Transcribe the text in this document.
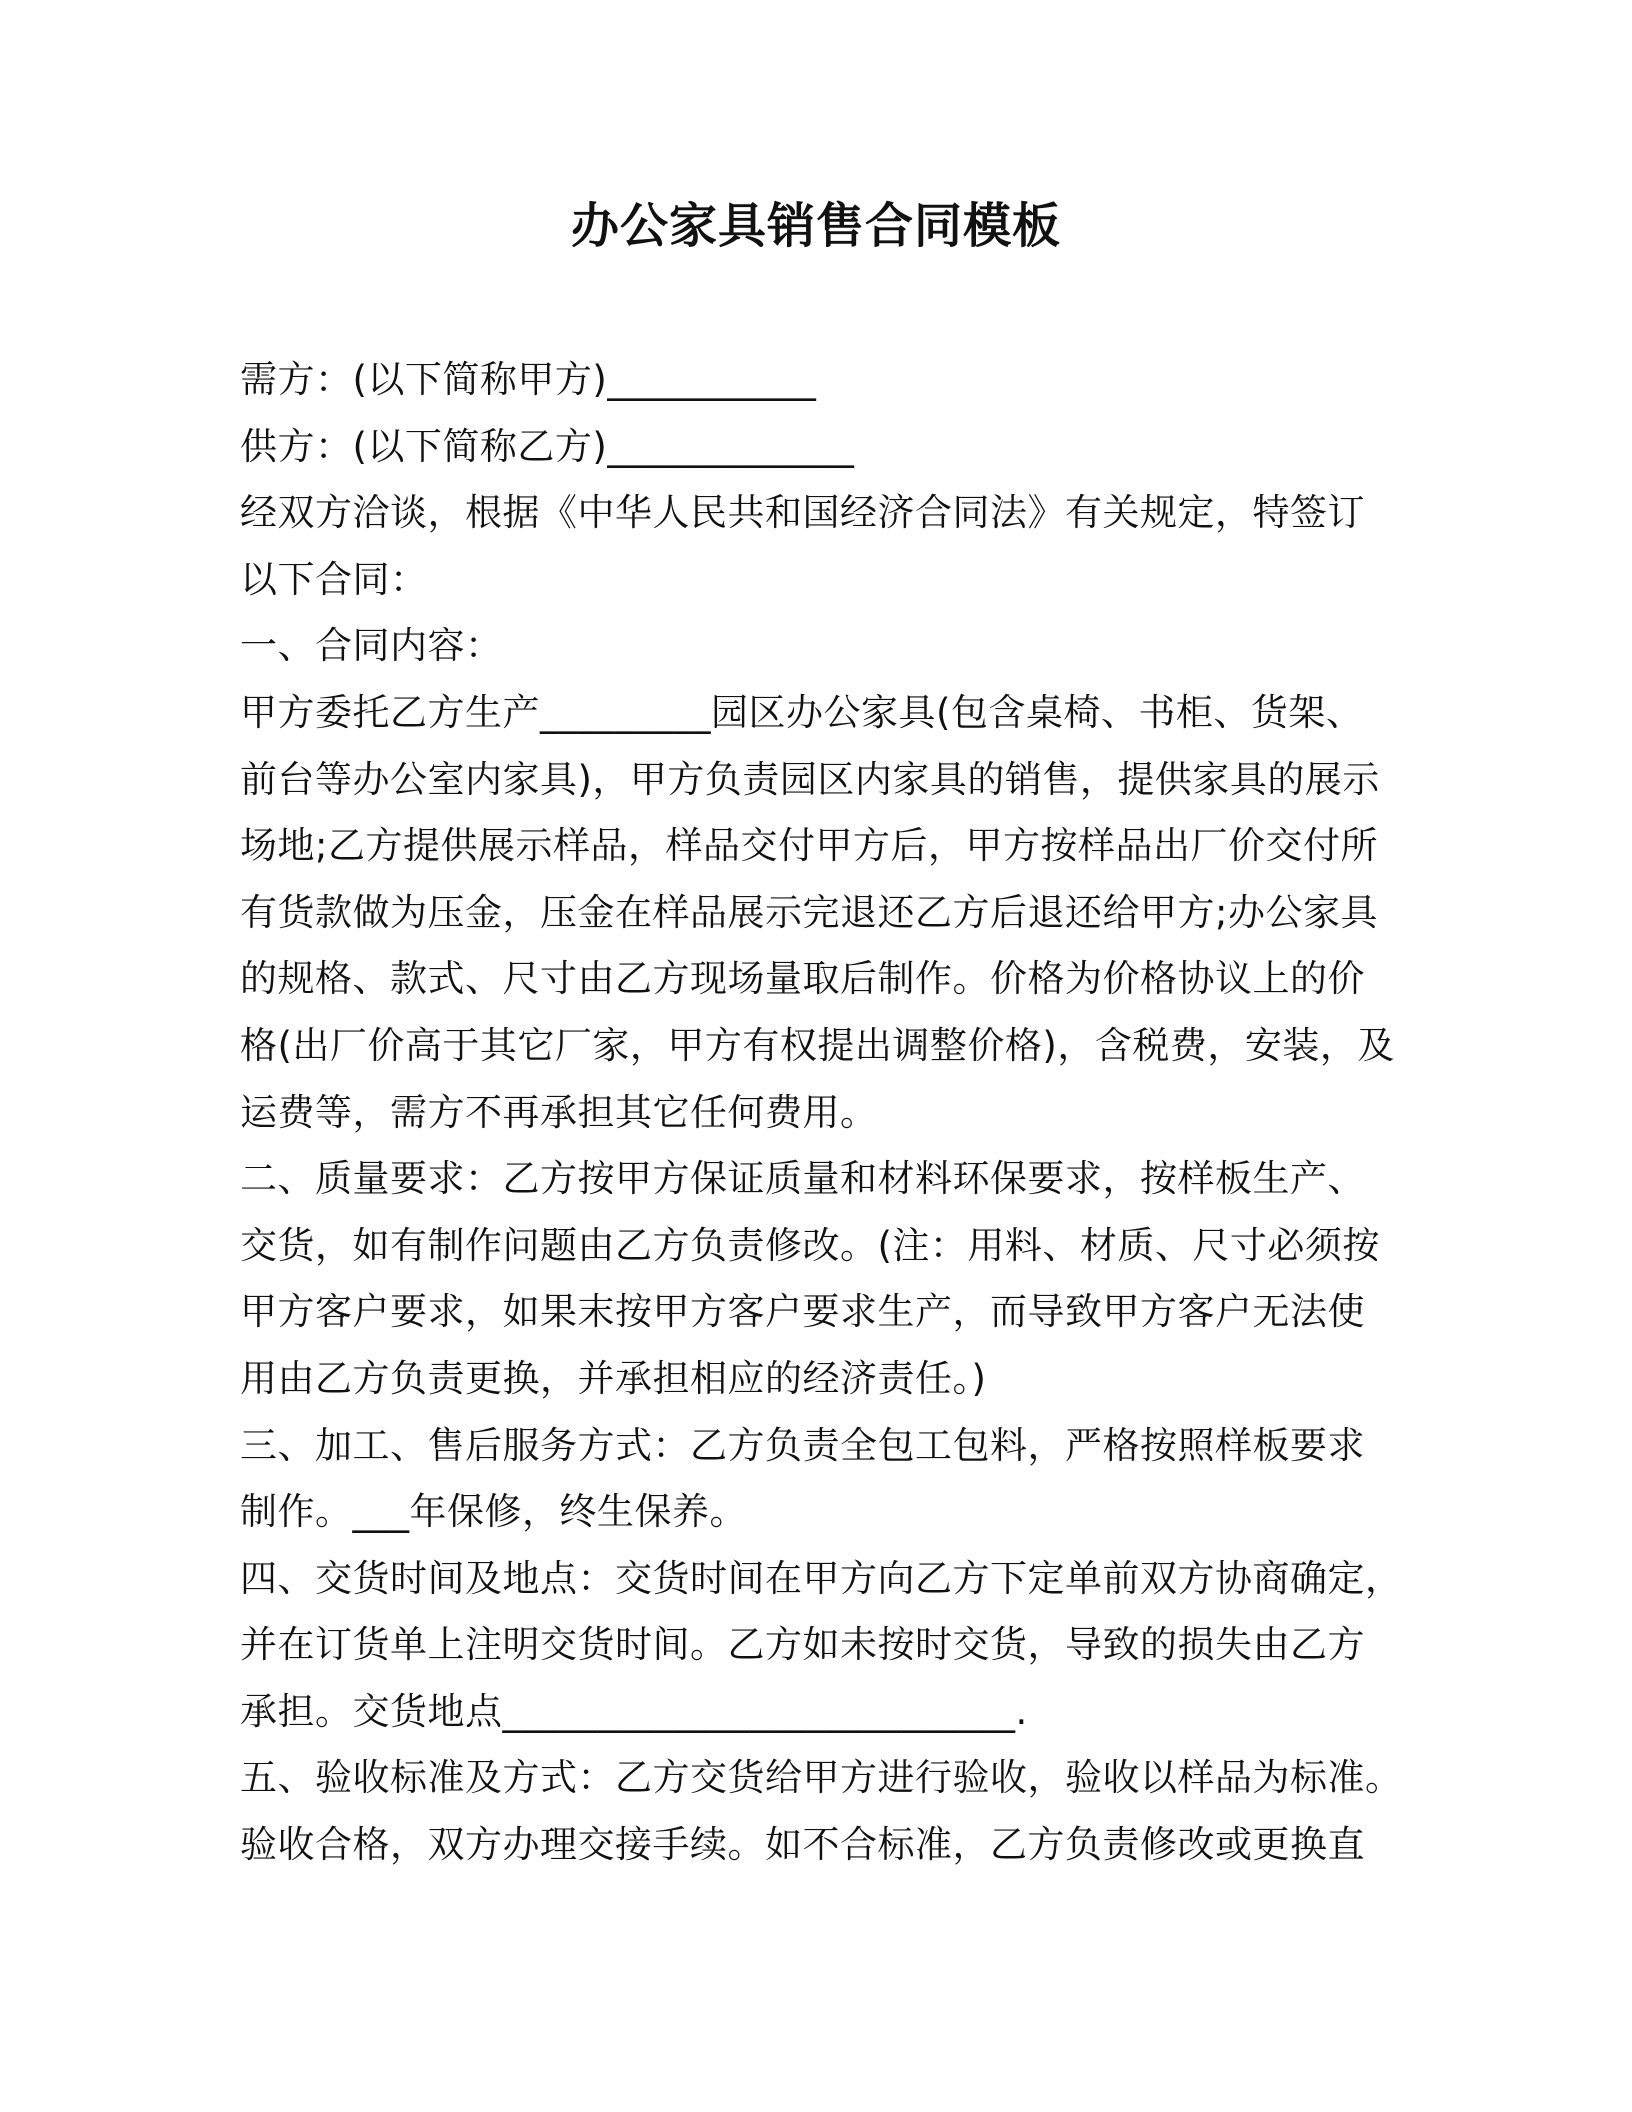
办公家具销售合同模板
需方：(以下简称甲方)___________
供方：(以下简称乙方)_____________
经双方洽谈，根据《中华人民共和国经济合同法》有关规定，特签订
以下合同：
一、合同内容：
甲方委托乙方生产_________园区办公家具(包含桌椅、书柜、货架、
前台等办公室内家具)，甲方负责园区内家具的销售，提供家具的展示
场地;乙方提供展示样品，样品交付甲方后，甲方按样品出厂价交付所
有货款做为压金，压金在样品展示完退还乙方后退还给甲方;办公家具
的规格、款式、尺寸由乙方现场量取后制作。价格为价格协议上的价
格(出厂价高于其它厂家，甲方有权提出调整价格)，含税费，安装，及
运费等，需方不再承担其它任何费用。
二、质量要求：乙方按甲方保证质量和材料环保要求，按样板生产、
交货，如有制作问题由乙方负责修改。(注：用料、材质、尺寸必须按
甲方客户要求，如果末按甲方客户要求生产，而导致甲方客户无法使
用由乙方负责更换，并承担相应的经济责任。)
三、加工、售后服务方式：乙方负责全包工包料，严格按照样板要求
制作。___年保修，终生保养。
四、交货时间及地点：交货时间在甲方向乙方下定单前双方协商确定，
并在订货单上注明交货时间。乙方如未按时交货，导致的损失由乙方
承担。交货地点___________________________.
五、验收标准及方式：乙方交货给甲方进行验收，验收以样品为标准。
验收合格，双方办理交接手续。如不合标准，乙方负责修改或更换直
